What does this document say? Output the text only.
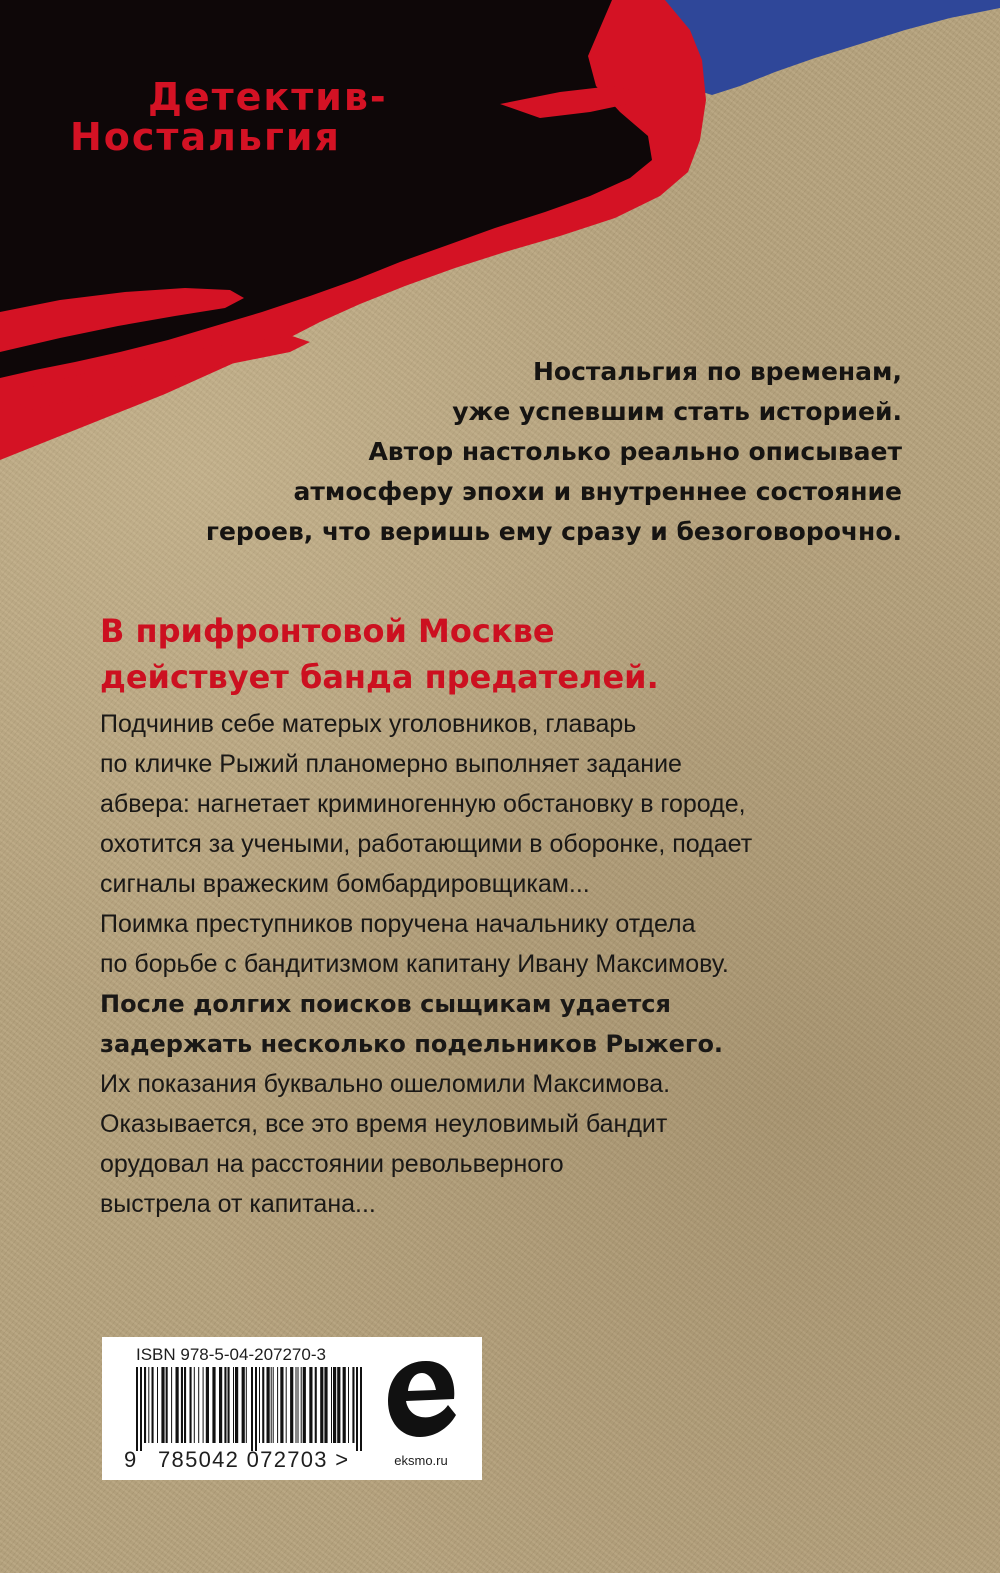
Детектив-
Ностальгия

Ностальгия по временам,
уже успевшим стать историей.
Автор настолько реально описывает
атмосферу эпохи и внутреннее состояние
героев, что веришь ему сразу и безоговорочно.

В прифронтовой Москве
действует банда предателей.

Подчинив себе матерых уголовников, главарь
по кличке Рыжий планомерно выполняет задание
абвера: нагнетает криминогенную обстановку в городе,
охотится за учеными, работающими в оборонке, подает
сигналы вражеским бомбардировщикам...

Поимка преступников поручена начальнику отдела
по борьбе с бандитизмом капитану Ивану Максимову.

После долгих поисков сыщикам удается
задержать несколько подельников Рыжего.

Их показания буквально ошеломили Максимова.
Оказывается, все это время неуловимый бандит
орудовал на расстоянии револьверного
выстрела от капитана...

ISBN 978-5-04-207270-3
9 785042 072703 >	eksmo.ru
